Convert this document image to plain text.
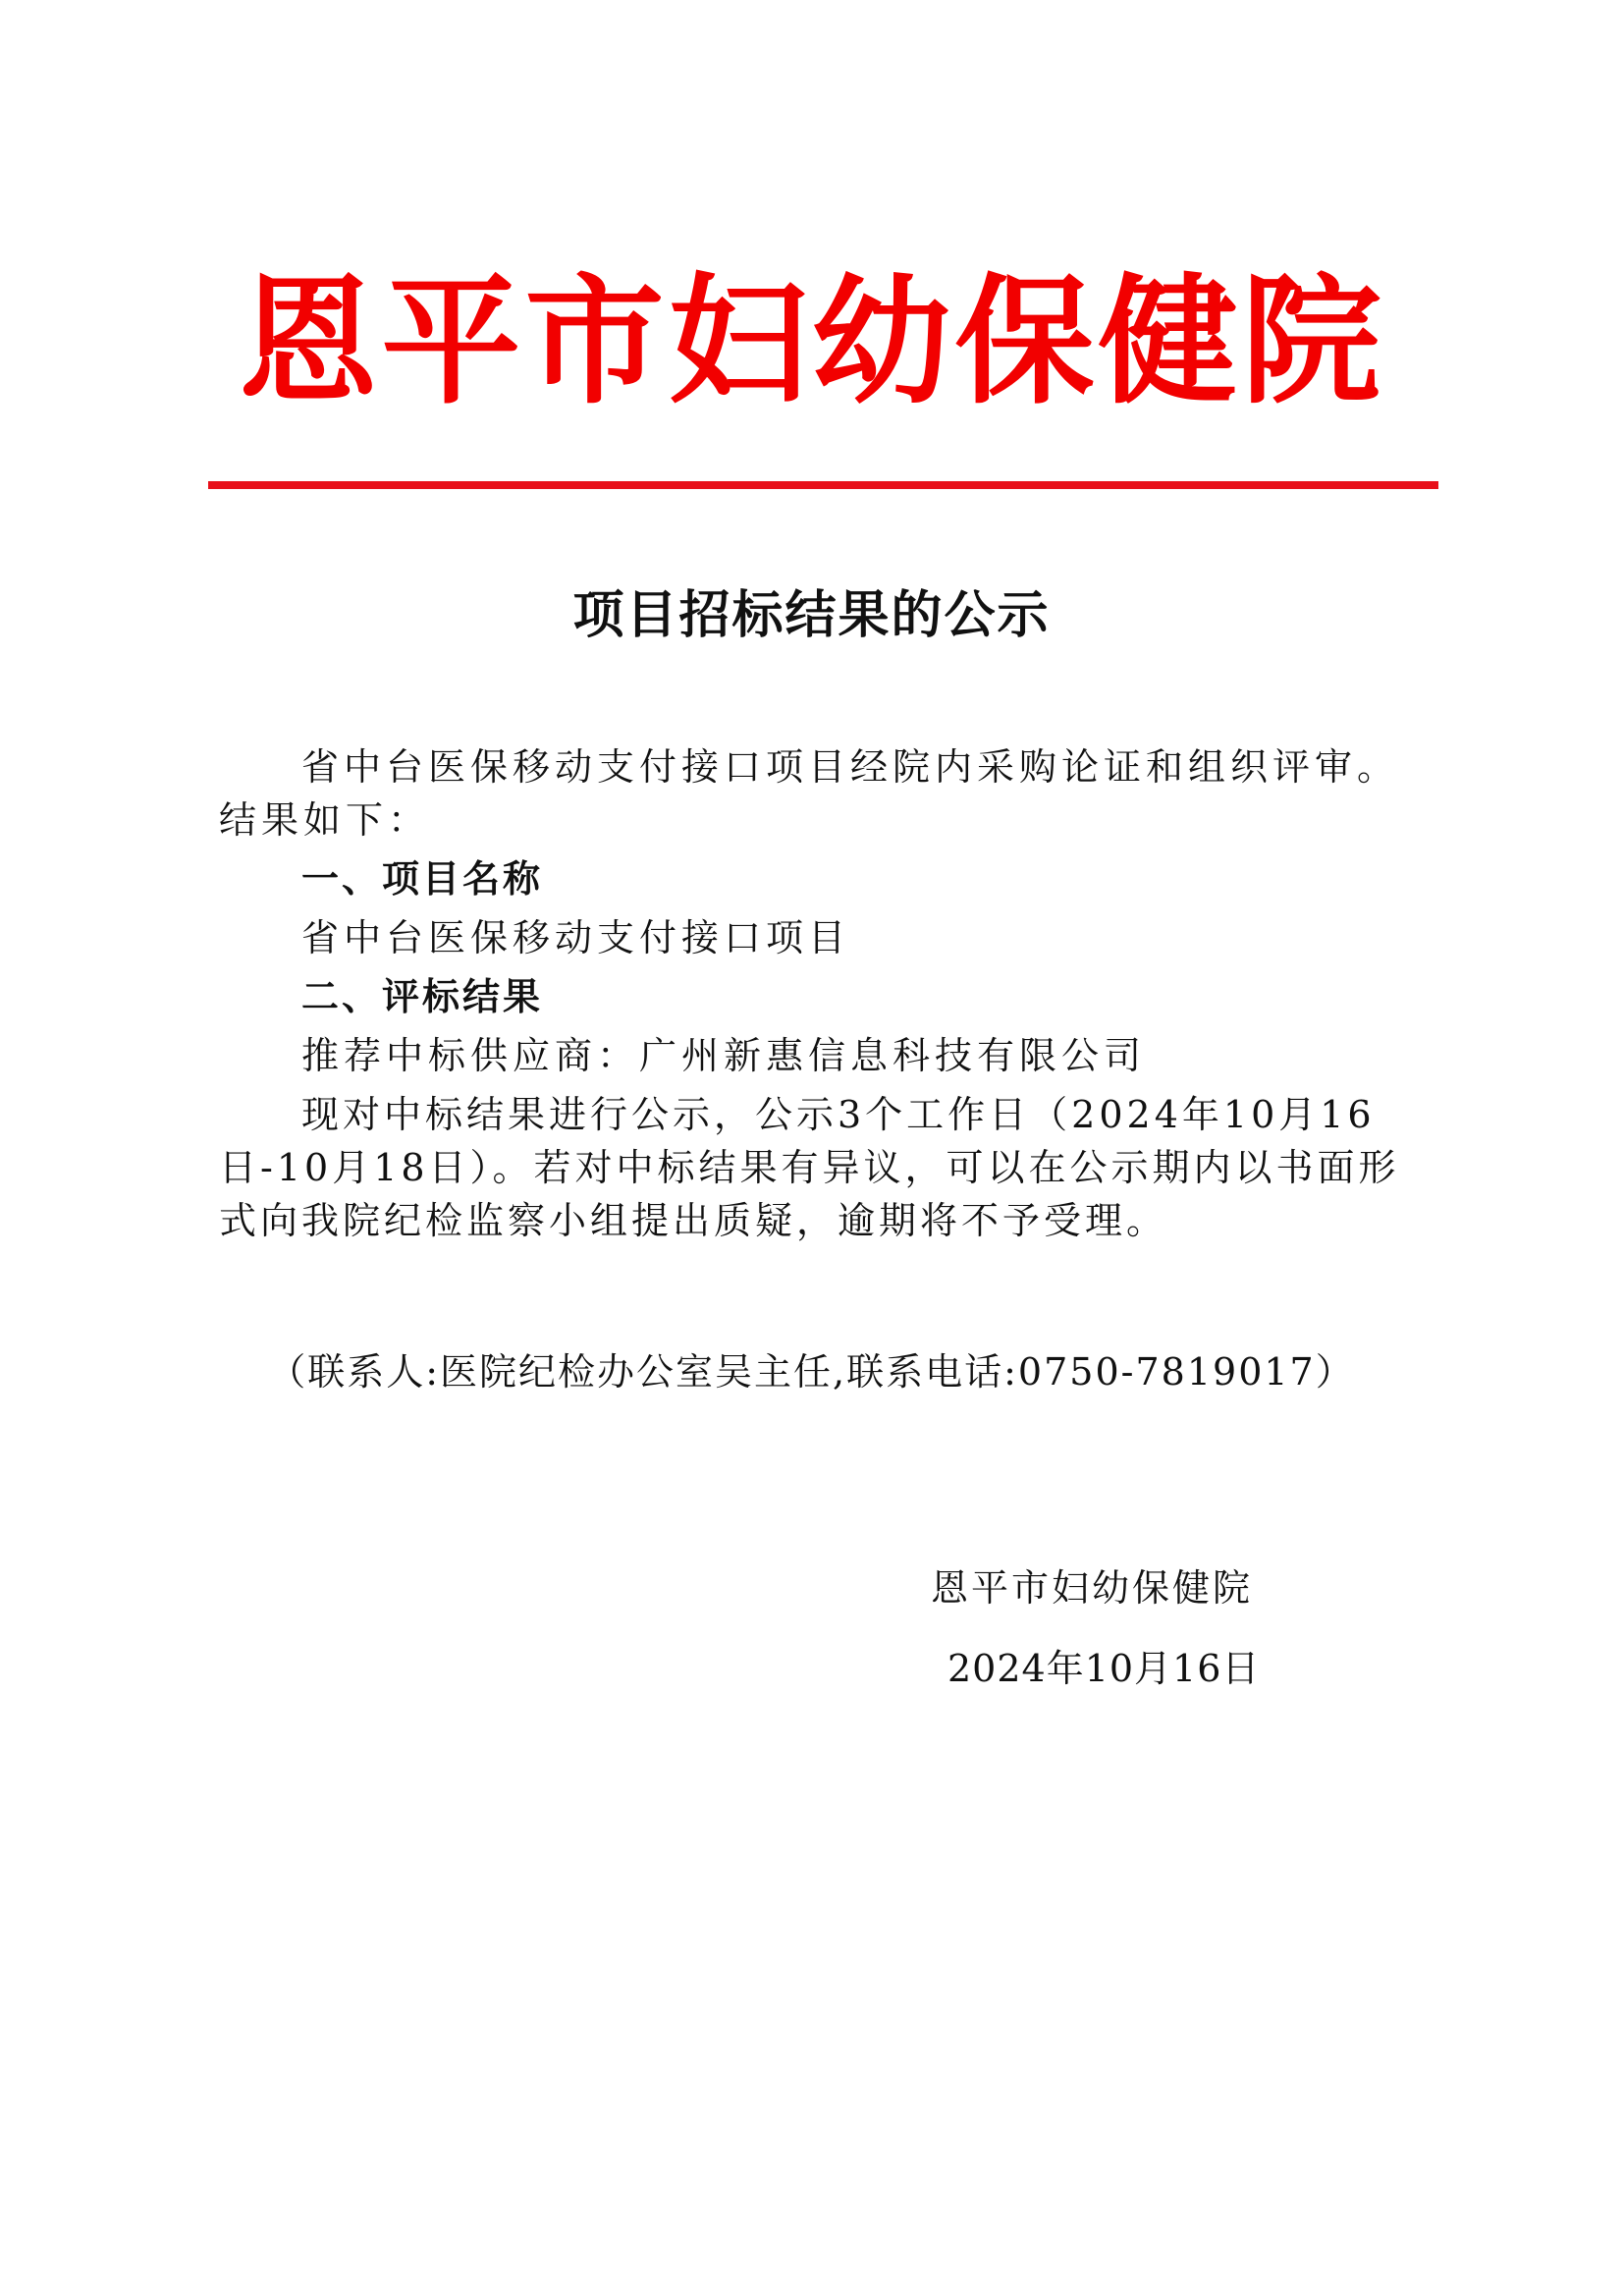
恩平市妇幼保健院
项目招标结果的公示

省中台医保移动支付接口项目经院内采购论证和组织评审。结果如下：

一、项目名称

省中台医保移动支付接口项目

二、评标结果

推荐中标供应商：广州新惠信息科技有限公司

现对中标结果进行公示，公示3个工作日（2024年10月16日-10月18日）。若对中标结果有异议，可以在公示期内以书面形式向我院纪检监察小组提出质疑，逾期将不予受理。

（联系人:医院纪检办公室吴主任,联系电话:0750-7819017）
恩平市妇幼保健院
2024年10月16日
